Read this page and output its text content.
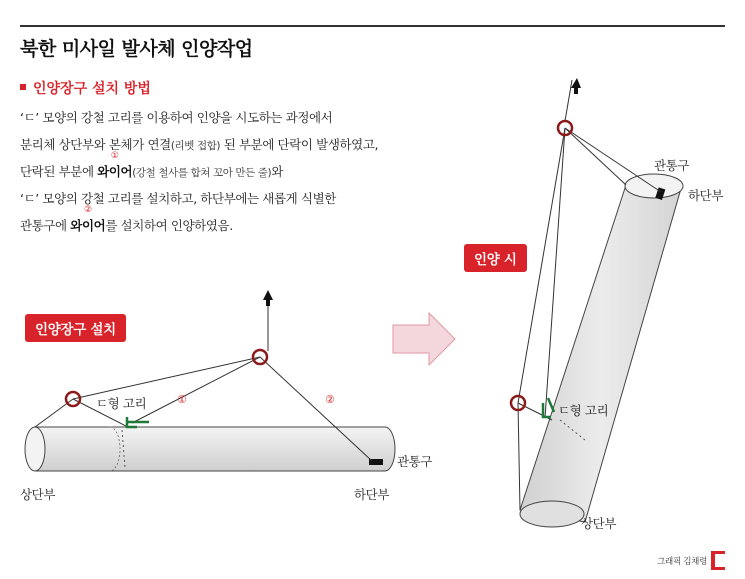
북한 미사일 발사체 인양작업
인양장구 설치 방법
‘ㄷ’ 모양의 강철 고리를 이용하여 인양을 시도하는 과정에서
분리체 상단부와 본체가 연결(리벳 접합) 된 부분에 단락이 발생하였고,
단락된 부분에
①
와이어(강철 철사를 합쳐 꼬아 만든 줄)와
‘ㄷ’ 모양의 강철 고리를 설치하고, 하단부에는 새롭게 식별한
관통구에
②
와이어를 설치하여 인양하였음.
인양장구 설치
ㄷ형 고리	①	②
관통구
상단부	하단부
인양 시
관통구
하단부
ㄷ형 고리
상단부
그래픽 김채령
